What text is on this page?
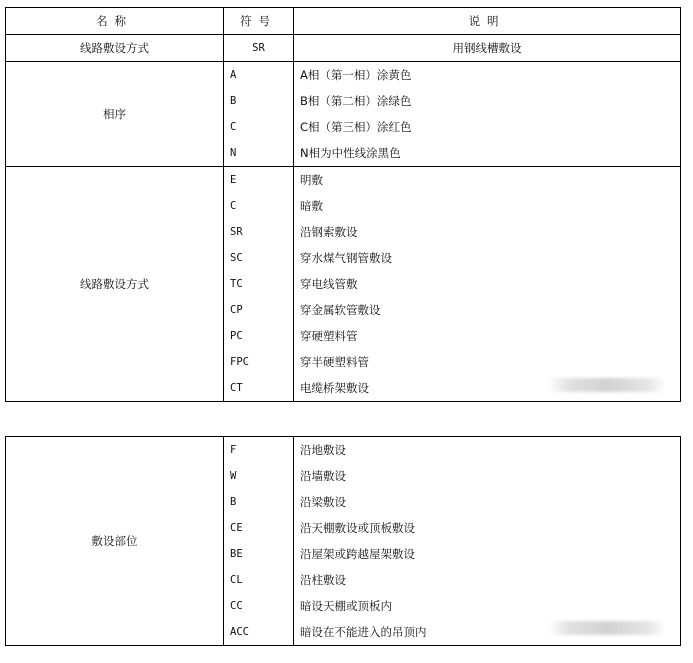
名称	符号	说明
线路敷设方式	SR	用钢线槽敷设
相序	A	A相（第一相）涂黄色
	B	B相（第二相）涂绿色
	C	C相（第三相）涂红色
	N	N相为中性线涂黑色
线路敷设方式	E	明敷
	C	暗敷
	SR	沿钢索敷设
	SC	穿水煤气钢管敷设
	TC	穿电线管敷
	CP	穿金属软管敷设
	PC	穿硬塑料管
	FPC	穿半硬塑料管
	CT	电缆桥架敷设
敷设部位	F	沿地敷设
	W	沿墙敷设
	B	沿梁敷设
	CE	沿天棚敷设或顶板敷设
	BE	沿屋架或跨越屋架敷设
	CL	沿柱敷设
	CC	暗设天棚或顶板内
	ACC	暗设在不能进入的吊顶内
